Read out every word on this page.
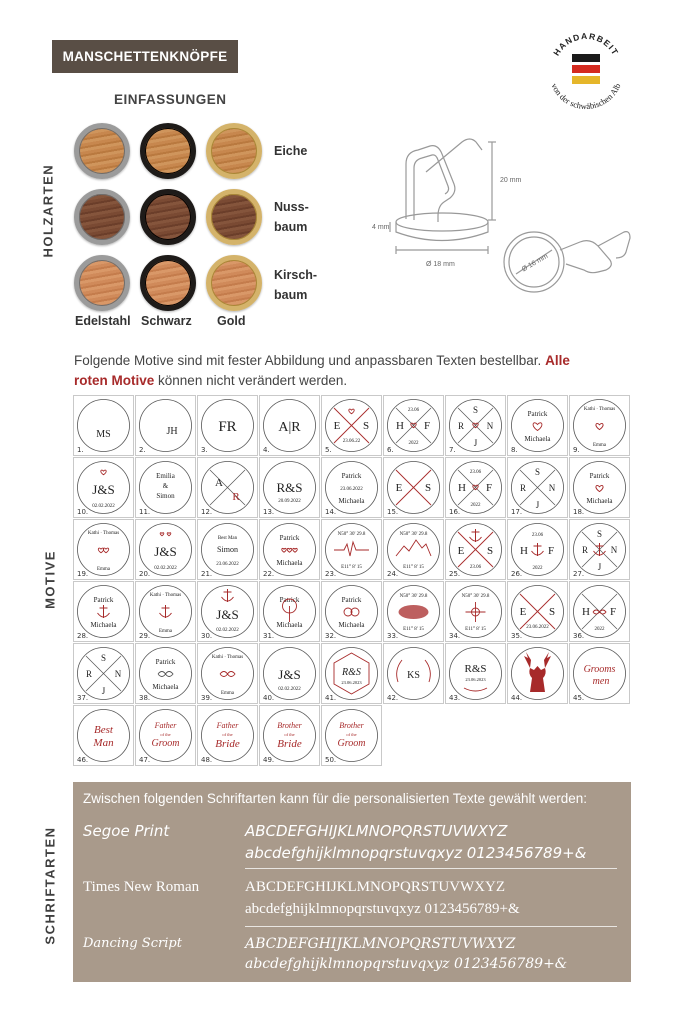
MANSCHETTENKNÖPFE	HANDARBEIT
von der schwäbischen Alb
HOLZARTEN
MOTIVE
SCHRIFTARTEN
EINFASSUNGEN
Eiche
Nuss-
baum
Kirsch-
baum
Edelstahl Schwarz Gold
20 mm
4 mm
Ø 18 mm	Ø 16 mm
Folgende Motive sind mit fester Abbildung und anpassbaren Texten bestellbar. Alle
roten Motive können nicht verändert werden.
MS
1.
JH
2.
FR
3.
A|R
4.
E S
23.06.22
5.
H F
23.06
2022
6.
S
R	N
J
7.
Patrick
Michaela
8.
Kathi · Thomas
Emma
9.
J&S
02.02.2022
10.
Emilia
&
Simon
11.
A
R
12.
R&S
20.09.2022
13.
Patrick
Michaela
23.06.2022
14.
E S
15.
H F
23.06
2022
16.
S
R	N
J
17.
Patrick
Michaela
18.
Kathi · Thomas
Emma
19.
J&S
02.02.2022
20.
Best Man
Simon
23.06.2022
21.
Patrick
Michaela
22.
N50° 30' 29.8
E11° 8' 15
23.
N50° 30' 29.8
E11° 8' 15
24.
E S
23.06
25.
23.06
H F
2022
26.
S
R	N
J
27.
Patrick
Michaela
28.
Kathi · Thomas
Emma
29.
J&S
02.02.2022
30.
Patrick
Michaela
31.
Patrick
Michaela
32.
N50° 30' 29.8
E11° 8' 15
33.
N50° 30' 29.8
E11° 8' 15
34.
E S
23.06.2022
35.
H F
2022
36.
S
R	N
J
37.
Patrick
Michaela
38.
Kathi · Thomas
Emma
39.
J&S
02.02.2022
40.
R&S
23.06.2023
41.
KS
42.
R&S
23.06.2023
43.	44.
Grooms
men
45.
Best
Man
46.
Father
of the
Groom
47.
Father
of the
Bride
48.
Brother
of the
Bride
49.
Brother
of the
Groom
50.
Zwischen folgenden Schriftarten kann für die personalisierten Texte gewählt werden:
Segoe Print	ABCDEFGHIJKLMNOPQRSTUVWXYZ
abcdefghijklmnopqrstuvqxyz 0123456789+&
Times New Roman	ABCDEFGHIJKLMNOPQRSTUVWXYZ
abcdefghijklmnopqrstuvqxyz 0123456789+&
Dancing Script	ABCDEFGHIJKLMNOPQRSTUVWXYZ
abcdefghijklmnopqrstuvqxyz 0123456789+&
